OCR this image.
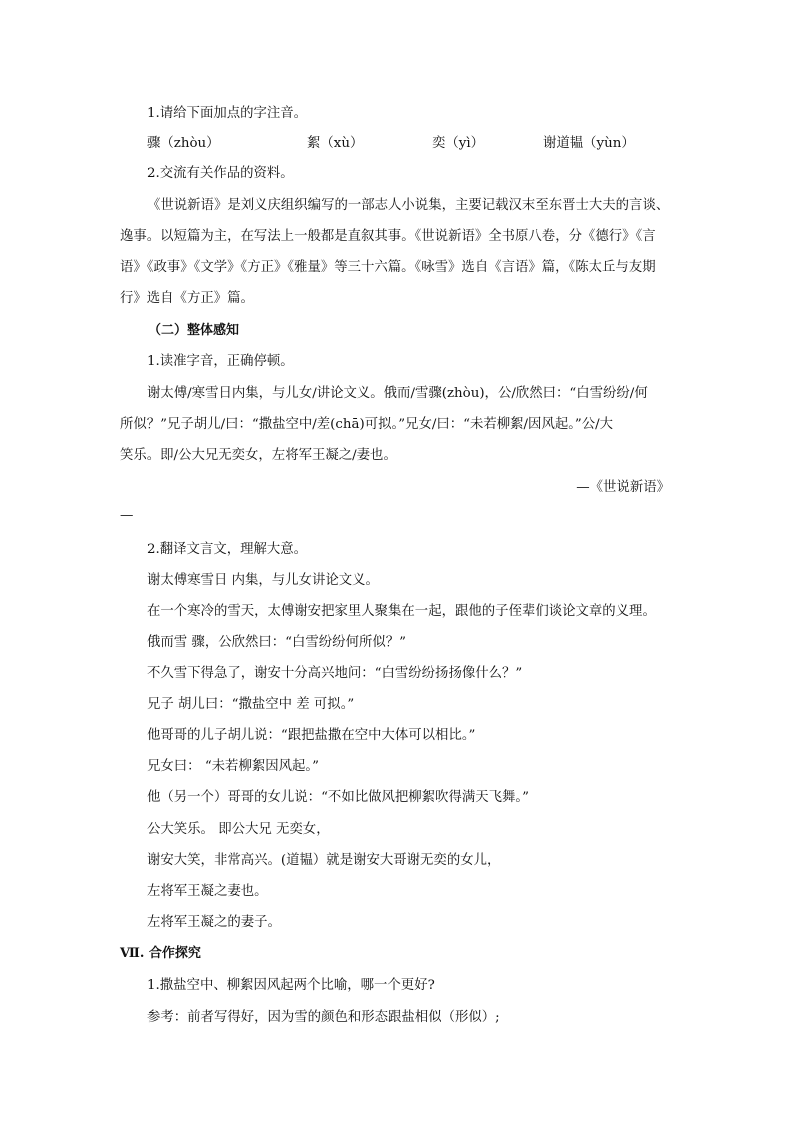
1.请给下面加点的字注音。
骤（zhòu）	絮（xù）	奕（yì）	谢道韫（yùn）
2.交流有关作品的资料。
《世说新语》是刘义庆组织编写的一部志人小说集，主要记载汉末至东晋士大夫的言谈、
逸事。以短篇为主，在写法上一般都是直叙其事。《世说新语》全书原八卷，分《德行》《言
语》《政事》《文学》《方正》《雅量》等三十六篇。《咏雪》选自《言语》篇，《陈太丘与友期
行》选自《方正》篇。
（二）整体感知
1.读准字音，正确停顿。
谢太傅/寒雪日内集，与儿女/讲论文义。俄而/雪骤(zhòu)，公/欣然曰：“白雪纷纷/何
所似？”兄子胡儿/曰：“撒盐空中/差(chā)可拟。”兄女/曰：“未若柳絮/因风起。”公/大
笑乐。即/公大兄无奕女，左将军王凝之/妻也。
—《世说新语》
—
2.翻译文言文，理解大意。
谢太傅寒雪日 内集，与儿女讲论文义。
在一个寒冷的雪天，太傅谢安把家里人聚集在一起，跟他的子侄辈们谈论文章的义理。
俄而雪 骤，公欣然曰：“白雪纷纷何所似？”
不久雪下得急了，谢安十分高兴地问：“白雪纷纷扬扬像什么？”
兄子 胡儿曰：“撒盐空中 差 可拟。”
他哥哥的儿子胡儿说：“跟把盐撒在空中大体可以相比。”
兄女曰： “未若柳絮因风起。”
他（另一个）哥哥的女儿说：“不如比做风把柳絮吹得满天飞舞。”
公大笑乐。 即公大兄 无奕女，
谢安大笑，非常高兴。(道韫）就是谢安大哥谢无奕的女儿，
左将军王凝之妻也。
左将军王凝之的妻子。
Ⅶ. 合作探究
1.撒盐空中、柳絮因风起两个比喻，哪一个更好?
参考：前者写得好，因为雪的颜色和形态跟盐相似（形似）;
